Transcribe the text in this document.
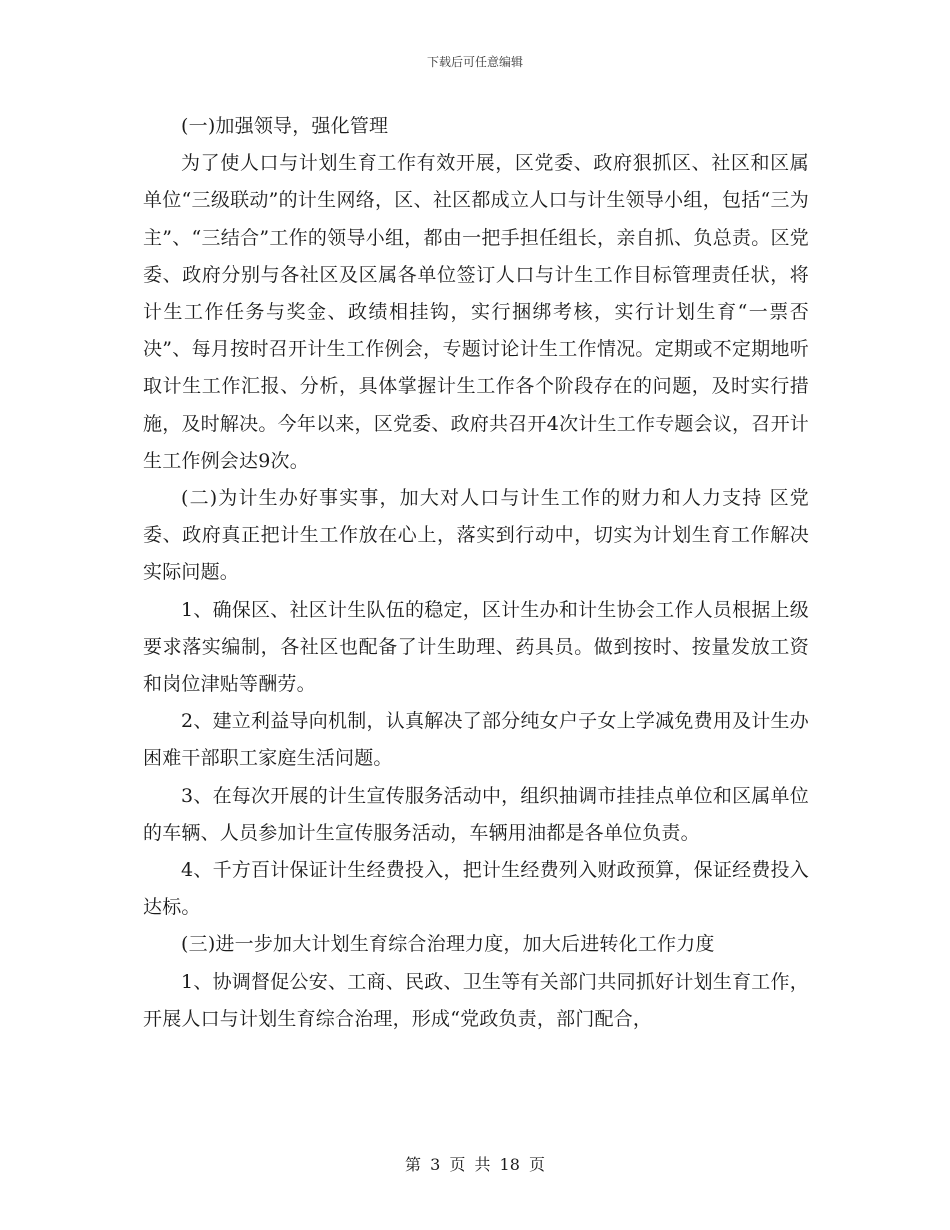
下载后可任意编辑

(一)加强领导，强化管理

为了使人口与计划生育工作有效开展，区党委、政府狠抓区、社区和区属单位“三级联动”的计生网络，区、社区都成立人口与计生领导小组，包括“三为主”、“三结合”工作的领导小组，都由一把手担任组长，亲自抓、负总责。区党委、政府分别与各社区及区属各单位签订人口与计生工作目标管理责任状，将计生工作任务与奖金、政绩相挂钩，实行捆绑考核，实行计划生育“一票否决”、每月按时召开计生工作例会，专题讨论计生工作情况。定期或不定期地听取计生工作汇报、分析，具体掌握计生工作各个阶段存在的问题，及时实行措施，及时解决。今年以来，区党委、政府共召开4次计生工作专题会议，召开计生工作例会达9次。

(二)为计生办好事实事，加大对人口与计生工作的财力和人力支持 区党委、政府真正把计生工作放在心上，落实到行动中，切实为计划生育工作解决实际问题。

1、确保区、社区计生队伍的稳定，区计生办和计生协会工作人员根据上级要求落实编制，各社区也配备了计生助理、药具员。做到按时、按量发放工资和岗位津贴等酬劳。

2、建立利益导向机制，认真解决了部分纯女户子女上学减免费用及计生办困难干部职工家庭生活问题。

3、在每次开展的计生宣传服务活动中，组织抽调市挂挂点单位和区属单位的车辆、人员参加计生宣传服务活动，车辆用油都是各单位负责。

4、千方百计保证计生经费投入，把计生经费列入财政预算，保证经费投入达标。

(三)进一步加大计划生育综合治理力度，加大后进转化工作力度

1、协调督促公安、工商、民政、卫生等有关部门共同抓好计划生育工作，开展人口与计划生育综合治理，形成“党政负责，部门配合，

第 3 页 共 18 页
